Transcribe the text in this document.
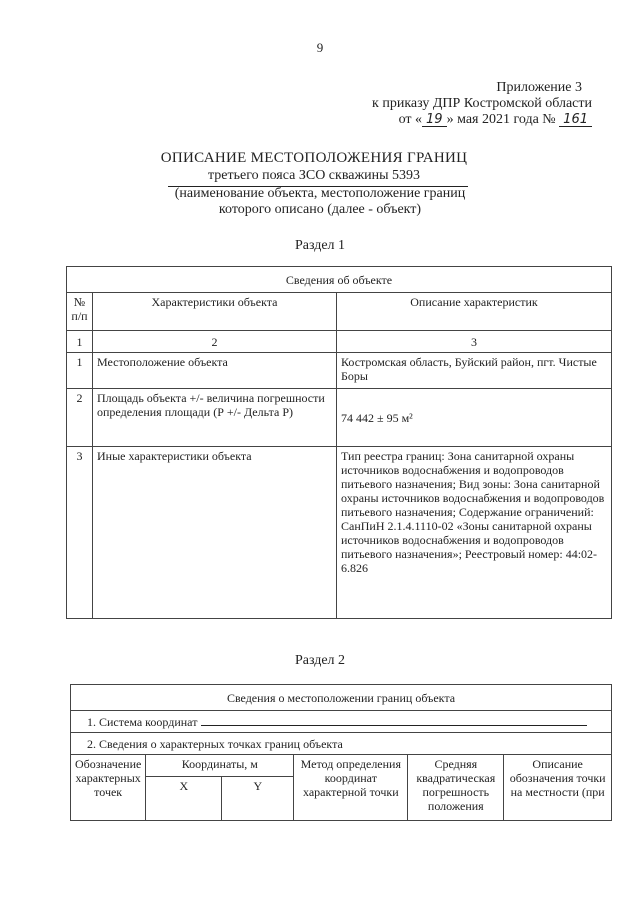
9
Приложение 3
к приказу ДПР Костромской области
от « 19 » мая 2021 года № 161
ОПИСАНИЕ МЕСТОПОЛОЖЕНИЯ ГРАНИЦ
третьего пояса ЗСО скважины 5393
(наименование объекта, местоположение границ
которого описано (далее - объект)
Раздел 1
Сведения об объекте		
№ п/п	Характеристики объекта	Описание характеристик
1	2	3
1	Местоположение объекта	Костромская область, Буйский район, пгт. Чистые Боры
2	Площадь объекта +/- величина погрешности определения площади (Р +/- Дельта Р)	74 442 ± 95 м²
3	Иные характеристики объекта	Тип реестра границ: Зона санитарной охраны источников водоснабжения и водопроводов питьевого назначения; Вид зоны: Зона санитарной охраны источников водоснабжения и водопроводов питьевого назначения; Содержание ограничений: СанПиН 2.1.4.1110-02 «Зоны санитарной охраны источников водоснабжения и водопроводов питьевого назначения»; Реестровый номер: 44:02-6.826
Раздел 2
Сведения о местоположении границ объекта					
1. Система координат					
2. Сведения о характерных точках границ объекта					
Обозначение характерных точек	Координаты, м		Метод определения координат характерной точки	Средняя квадратическая погрешность положения	Описание обозначения точки на местности (при
	X	Y			
